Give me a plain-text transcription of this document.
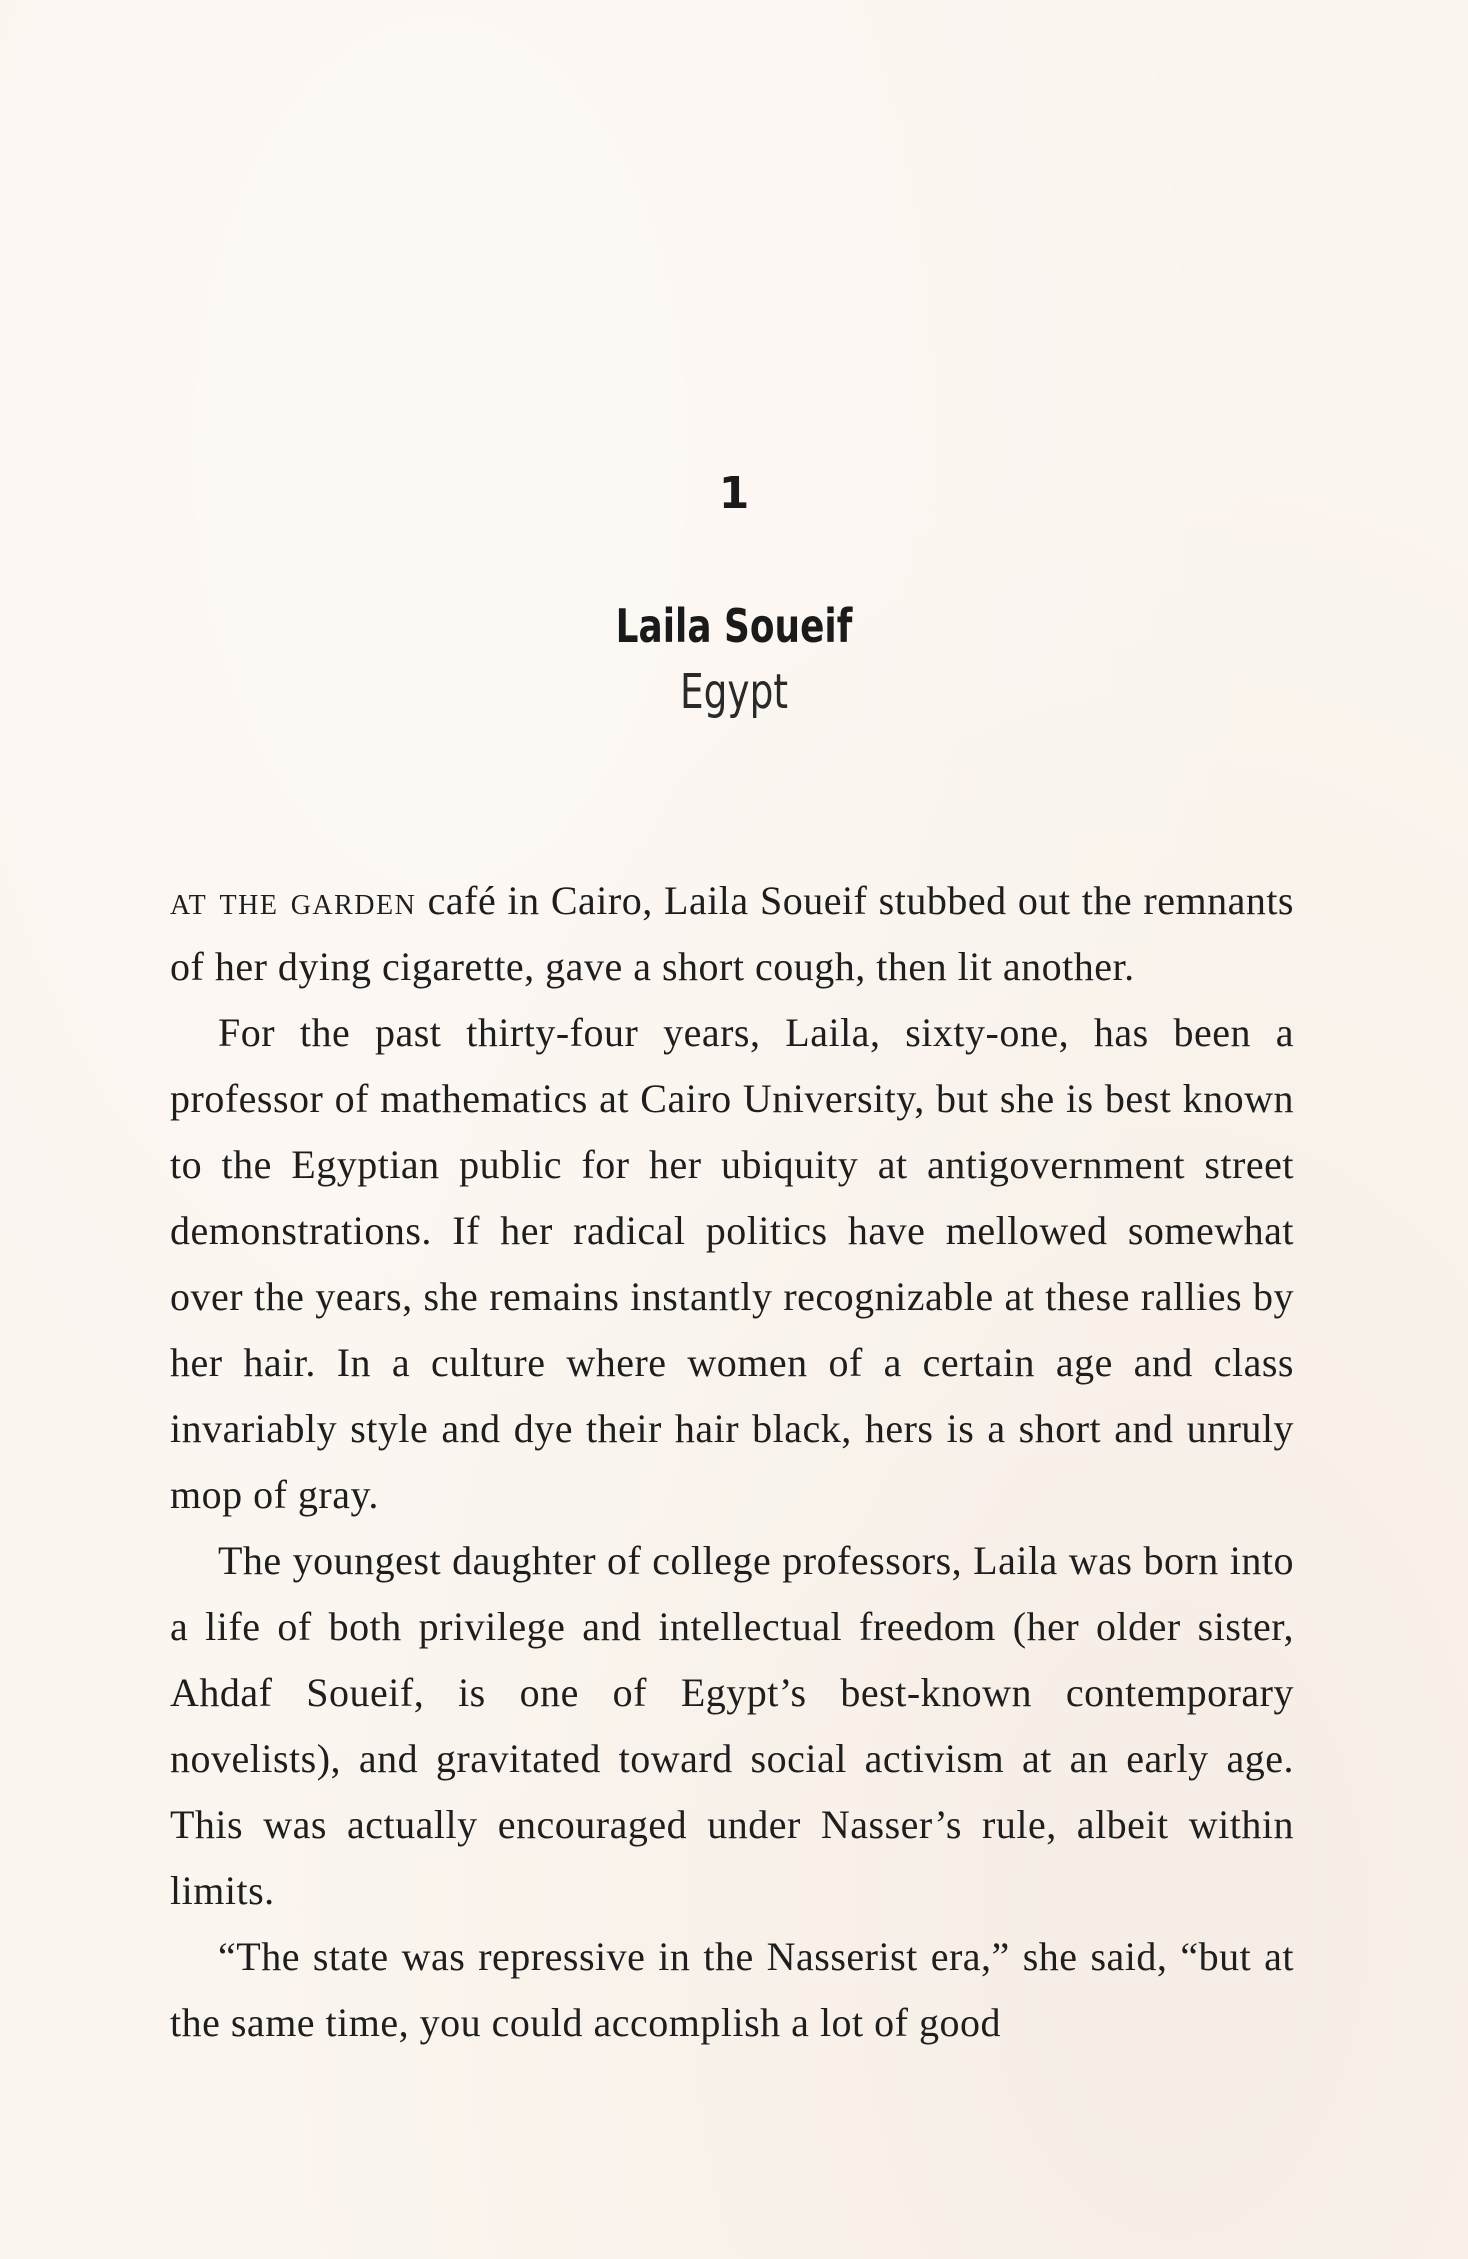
1
Laila Soueif
Egypt

at the garden café in Cairo, Laila Soueif stubbed out the remnants of her dying cigarette, gave a short cough, then lit another.

For the past thirty-four years, Laila, sixty-one, has been a professor of mathematics at Cairo University, but she is best known to the Egyptian public for her ubiquity at antigovernment street demonstrations. If her radical politics have mellowed somewhat over the years, she remains instantly recognizable at these rallies by her hair. In a culture where women of a certain age and class invariably style and dye their hair black, hers is a short and unruly mop of gray.

The youngest daughter of college professors, Laila was born into a life of both privilege and intellectual freedom (her older sister, Ahdaf Soueif, is one of Egypt’s best-known contemporary novelists), and gravitated toward social activism at an early age. This was actually encouraged under Nasser’s rule, albeit within limits.

“The state was repressive in the Nasserist era,” she said, “but at the same time, you could accomplish a lot of good
